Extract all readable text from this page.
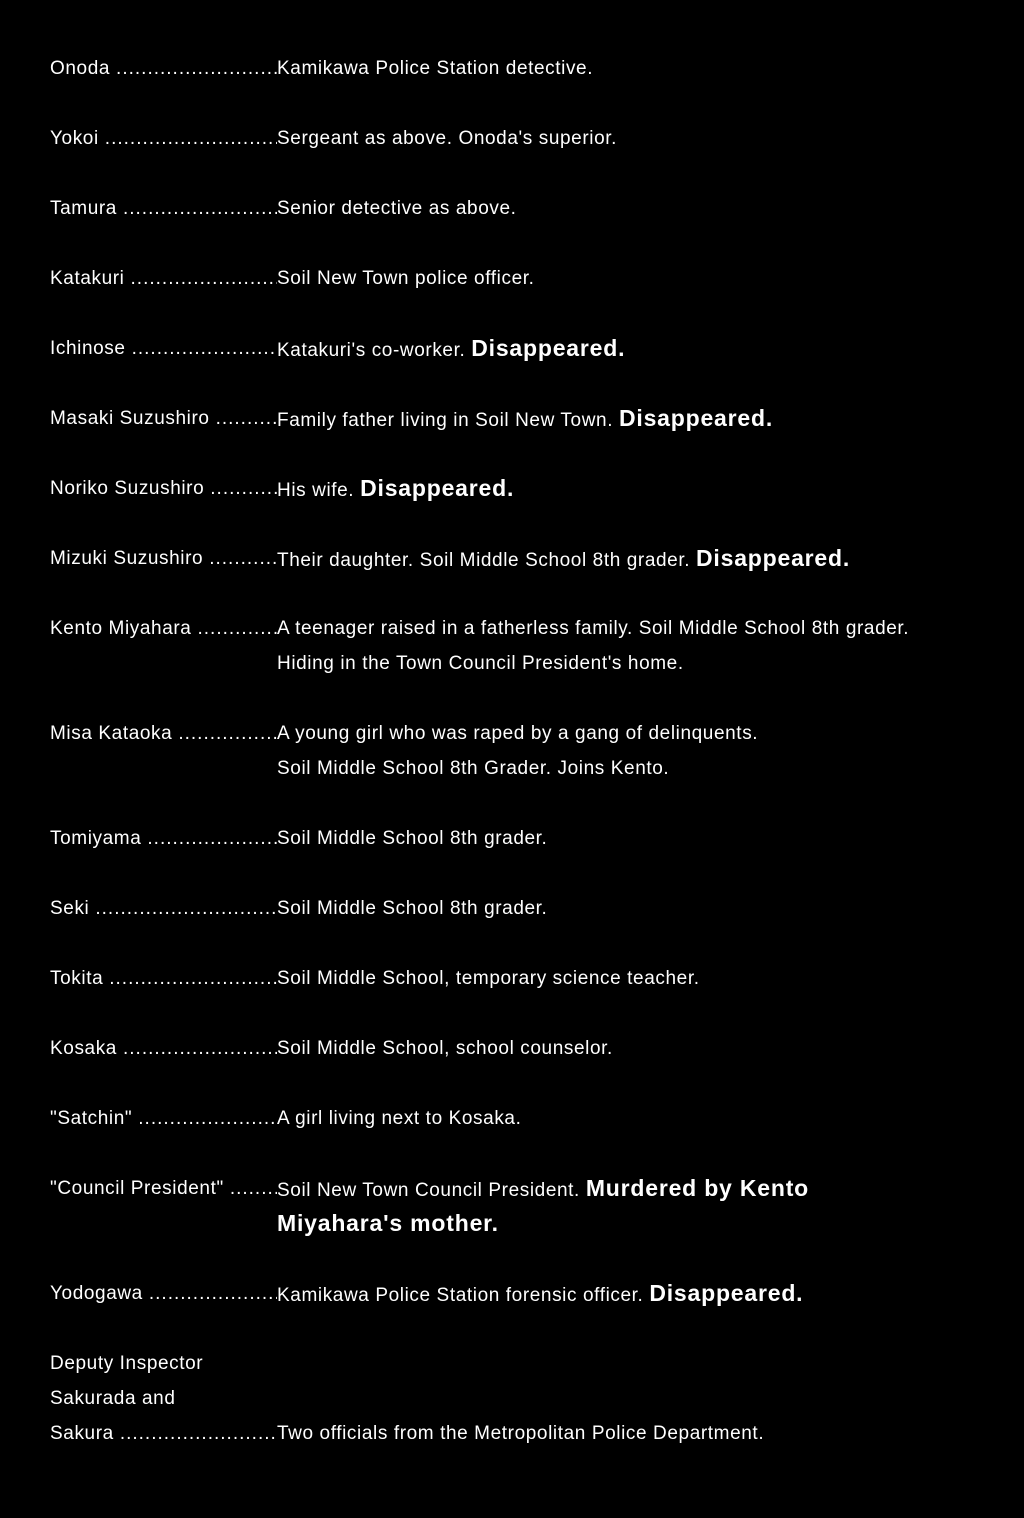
Onoda .....	Kamikawa Police Station detective.
Yokoi .....	Sergeant as above. Onoda's superior.
Tamura .....	Senior detective as above.
Katakuri .....	Soil New Town police officer.
Ichinose .....	Katakuri's co-worker. Disappeared.
Masaki Suzushiro .....	Family father living in Soil New Town. Disappeared.
Noriko Suzushiro .....	His wife. Disappeared.
Mizuki Suzushiro .....	Their daughter. Soil Middle School 8th grader. Disappeared.
Kento Miyahara .....	A teenager raised in a fatherless family. Soil Middle School 8th grader.
Hiding in the Town Council President's home.
Misa Kataoka .....	A young girl who was raped by a gang of delinquents.
Soil Middle School 8th Grader. Joins Kento.
Tomiyama .....	Soil Middle School 8th grader.
Seki .....	Soil Middle School 8th grader.
Tokita .....	Soil Middle School, temporary science teacher.
Kosaka .....	Soil Middle School, school counselor.
"Satchin" .....	A girl living next to Kosaka.
"Council President" .....	Soil New Town Council President. Murdered by Kento
Miyahara's mother.
Yodogawa .....	Kamikawa Police Station forensic officer. Disappeared.
Deputy Inspector
Sakurada and
Sakura .....	Two officials from the Metropolitan Police Department.
